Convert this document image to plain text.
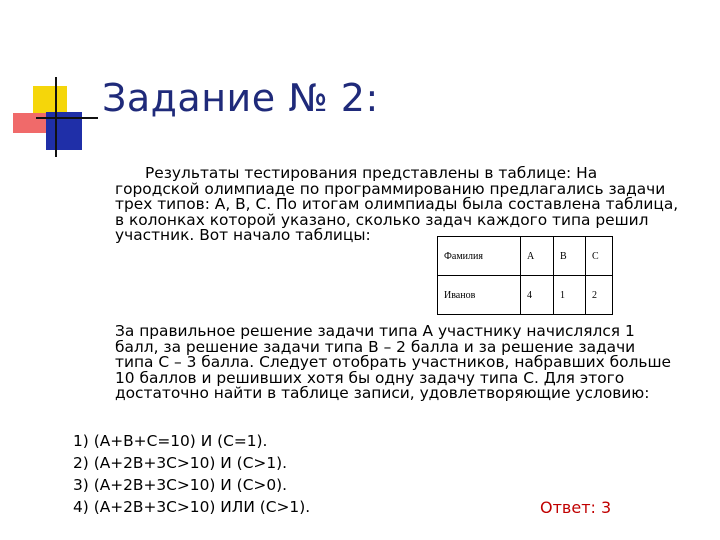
Задание № 2:

Результаты тестирования представлены в таблице: На городской олимпиаде по программированию предлагались задачи трех типов: А, В, С. По итогам олимпиады была составлена таблица, в колонках которой указано, сколько задач каждого типа решил участник. Вот начало таблицы:

Фамилия	А	В	С
Иванов	4	1	2

За правильное решение задачи типа А участнику начислялся 1 балл, за решение задачи типа В – 2 балла и за решение задачи типа С – 3 балла. Следует отобрать участников, набравших больше 10 баллов и решивших хотя бы одну задачу типа С. Для этого достаточно найти в таблице записи, удовлетворяющие условию:

1) (А+В+С=10) И (С=1).
2) (А+2В+3С>10) И (С>1).
3) (А+2В+3С>10) И (С>0).
4) (А+2В+3С>10) ИЛИ (С>1).	Ответ: 3
